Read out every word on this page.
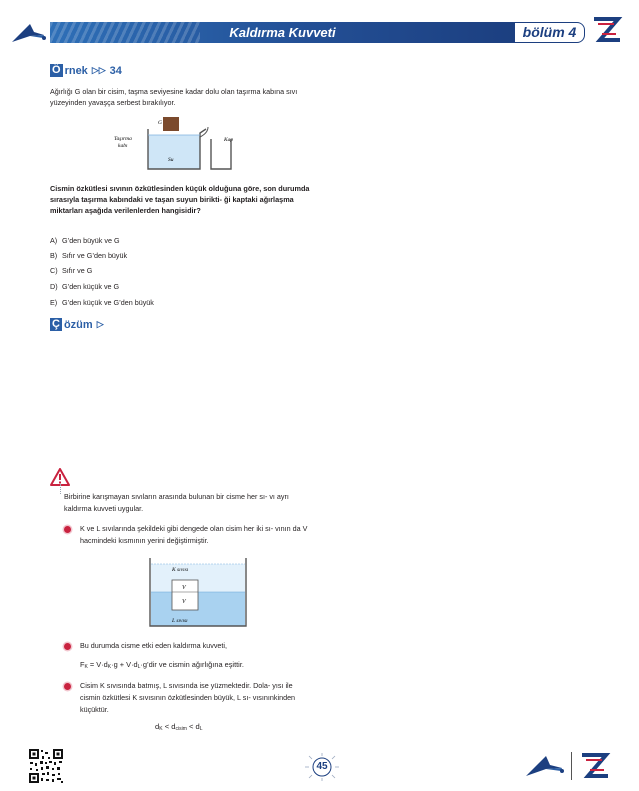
Kaldırma Kuvveti	bölüm 4
Ö rnek ▷▷ 34
Ağırlığı G olan bir cisim, taşma seviyesine kadar dolu olan taşırma kabına sıvı yüzeyinden yavaşça serbest bırakılıyor.
G
Taşırma
kabı
Su
Kap
Cismin özkütlesi sıvının özkütlesinden küçük olduğuna göre, son durumda sırasıyla taşırma kabındaki ve taşan suyun birikti- ği kaptaki ağırlaşma miktarları aşağıda verilenlerden hangisidir?
A) G’den büyük ve G
B) Sıfır ve G’den büyük
C) Sıfır ve G
D) G’den küçük ve G
E) G’den küçük ve G’den büyük
Ç özüm ▷
Birbirine karışmayan sıvıların arasında bulunan bir cisme her sı- vı ayrı kaldırma kuvveti uygular.
K ve L sıvılarında şekildeki gibi dengede olan cisim her iki sı- vının da V hacmindeki kısmının yerini değiştirmiştir.
K sıvısı
L sıvısı
V
V
Bu durumda cisme etki eden kaldırma kuvveti,
$F_K = V\cdot d_K\cdot g$ + $V\cdot d_L\cdot g’dir$ ve cismin ağırlığına eşittir.
Cisim K sıvısında batmış, L sıvısında ise yüzmektedir. Dola- yısı ile cismin özkütlesi K sıvısının özkütlesinden büyük, L sı- vısınınkinden küçüktür.
$d_K < d_{cisim} < d_L$
45
